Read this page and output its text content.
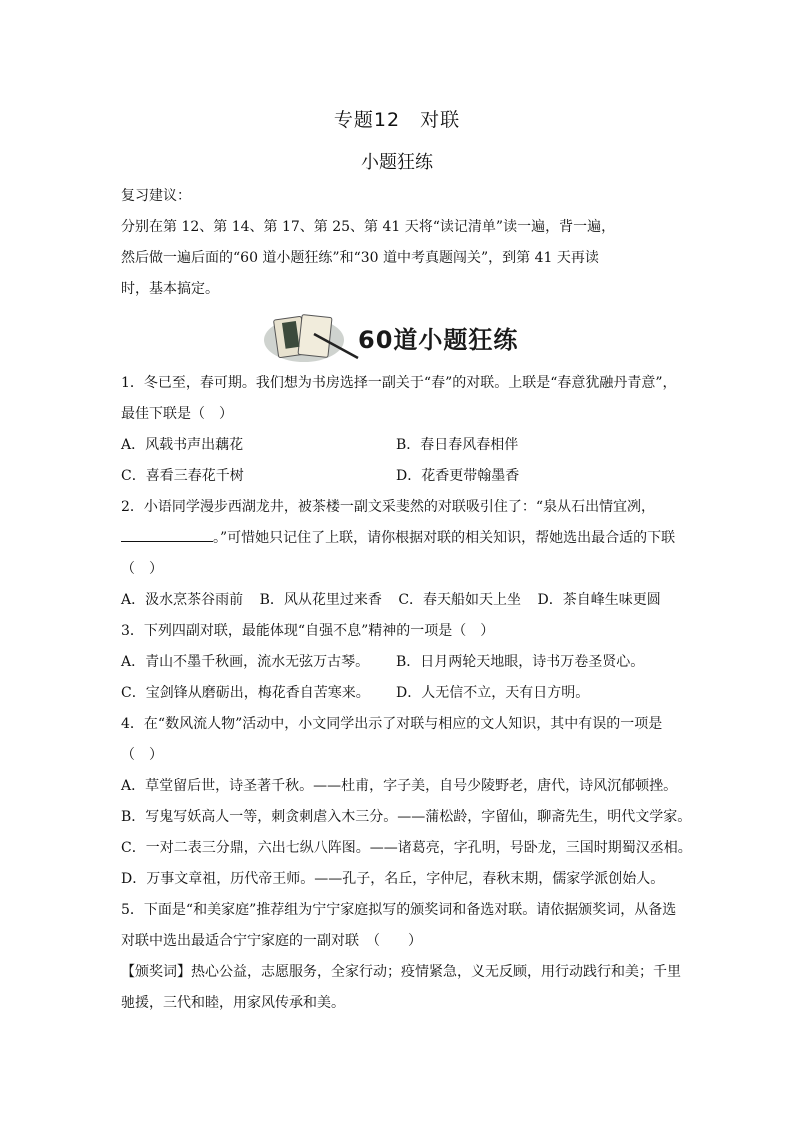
专题12　对联
小题狂练
复习建议：
分别在第 12、第 14、第 17、第 25、第 41 天将“读记清单”读一遍，背一遍，
然后做一遍后面的“60 道小题狂练”和“30 道中考真题闯关”，到第 41 天再读
时，基本搞定。
60道小题狂练
1．冬已至，春可期。我们想为书房选择一副关于“春”的对联。上联是“春意犹融丹青意”，
最佳下联是（　）
A．风载书声出藕花	B．春日春风春相伴
C．喜看三春花千树	D．花香更带翰墨香
2．小语同学漫步西湖龙井，被茶楼一副文采斐然的对联吸引住了：“泉从石出情宜冽，
。”可惜她只记住了上联，请你根据对联的相关知识，帮她选出最合适的下联
（　）
A．汲水烹茶谷雨前 B．风从花里过来香 C．春天船如天上坐 D．茶自峰生味更圆
3．下列四副对联，最能体现“自强不息”精神的一项是（　）
A．青山不墨千秋画，流水无弦万古琴。 B．日月两轮天地眼，诗书万卷圣贤心。
C．宝剑锋从磨砺出，梅花香自苦寒来。 D．人无信不立，天有日方明。
4．在“数风流人物”活动中，小文同学出示了对联与相应的文人知识，其中有误的一项是
（　）
A．草堂留后世，诗圣著千秋。——杜甫，字子美，自号少陵野老，唐代，诗风沉郁顿挫。
B．写鬼写妖高人一等，刺贪刺虐入木三分。——蒲松龄，字留仙，聊斋先生，明代文学家。
C．一对二表三分鼎，六出七纵八阵图。——诸葛亮，字孔明，号卧龙，三国时期蜀汉丞相。
D．万事文章祖，历代帝王师。——孔子，名丘，字仲尼，春秋末期，儒家学派创始人。
5．下面是“和美家庭”推荐组为宁宁家庭拟写的颁奖词和备选对联。请依据颁奖词，从备选
对联中选出最适合宁宁家庭的一副对联　（　　）
【颁奖词】热心公益，志愿服务，全家行动；疫情紧急，义无反顾，用行动践行和美；千里
驰援，三代和睦，用家风传承和美。
